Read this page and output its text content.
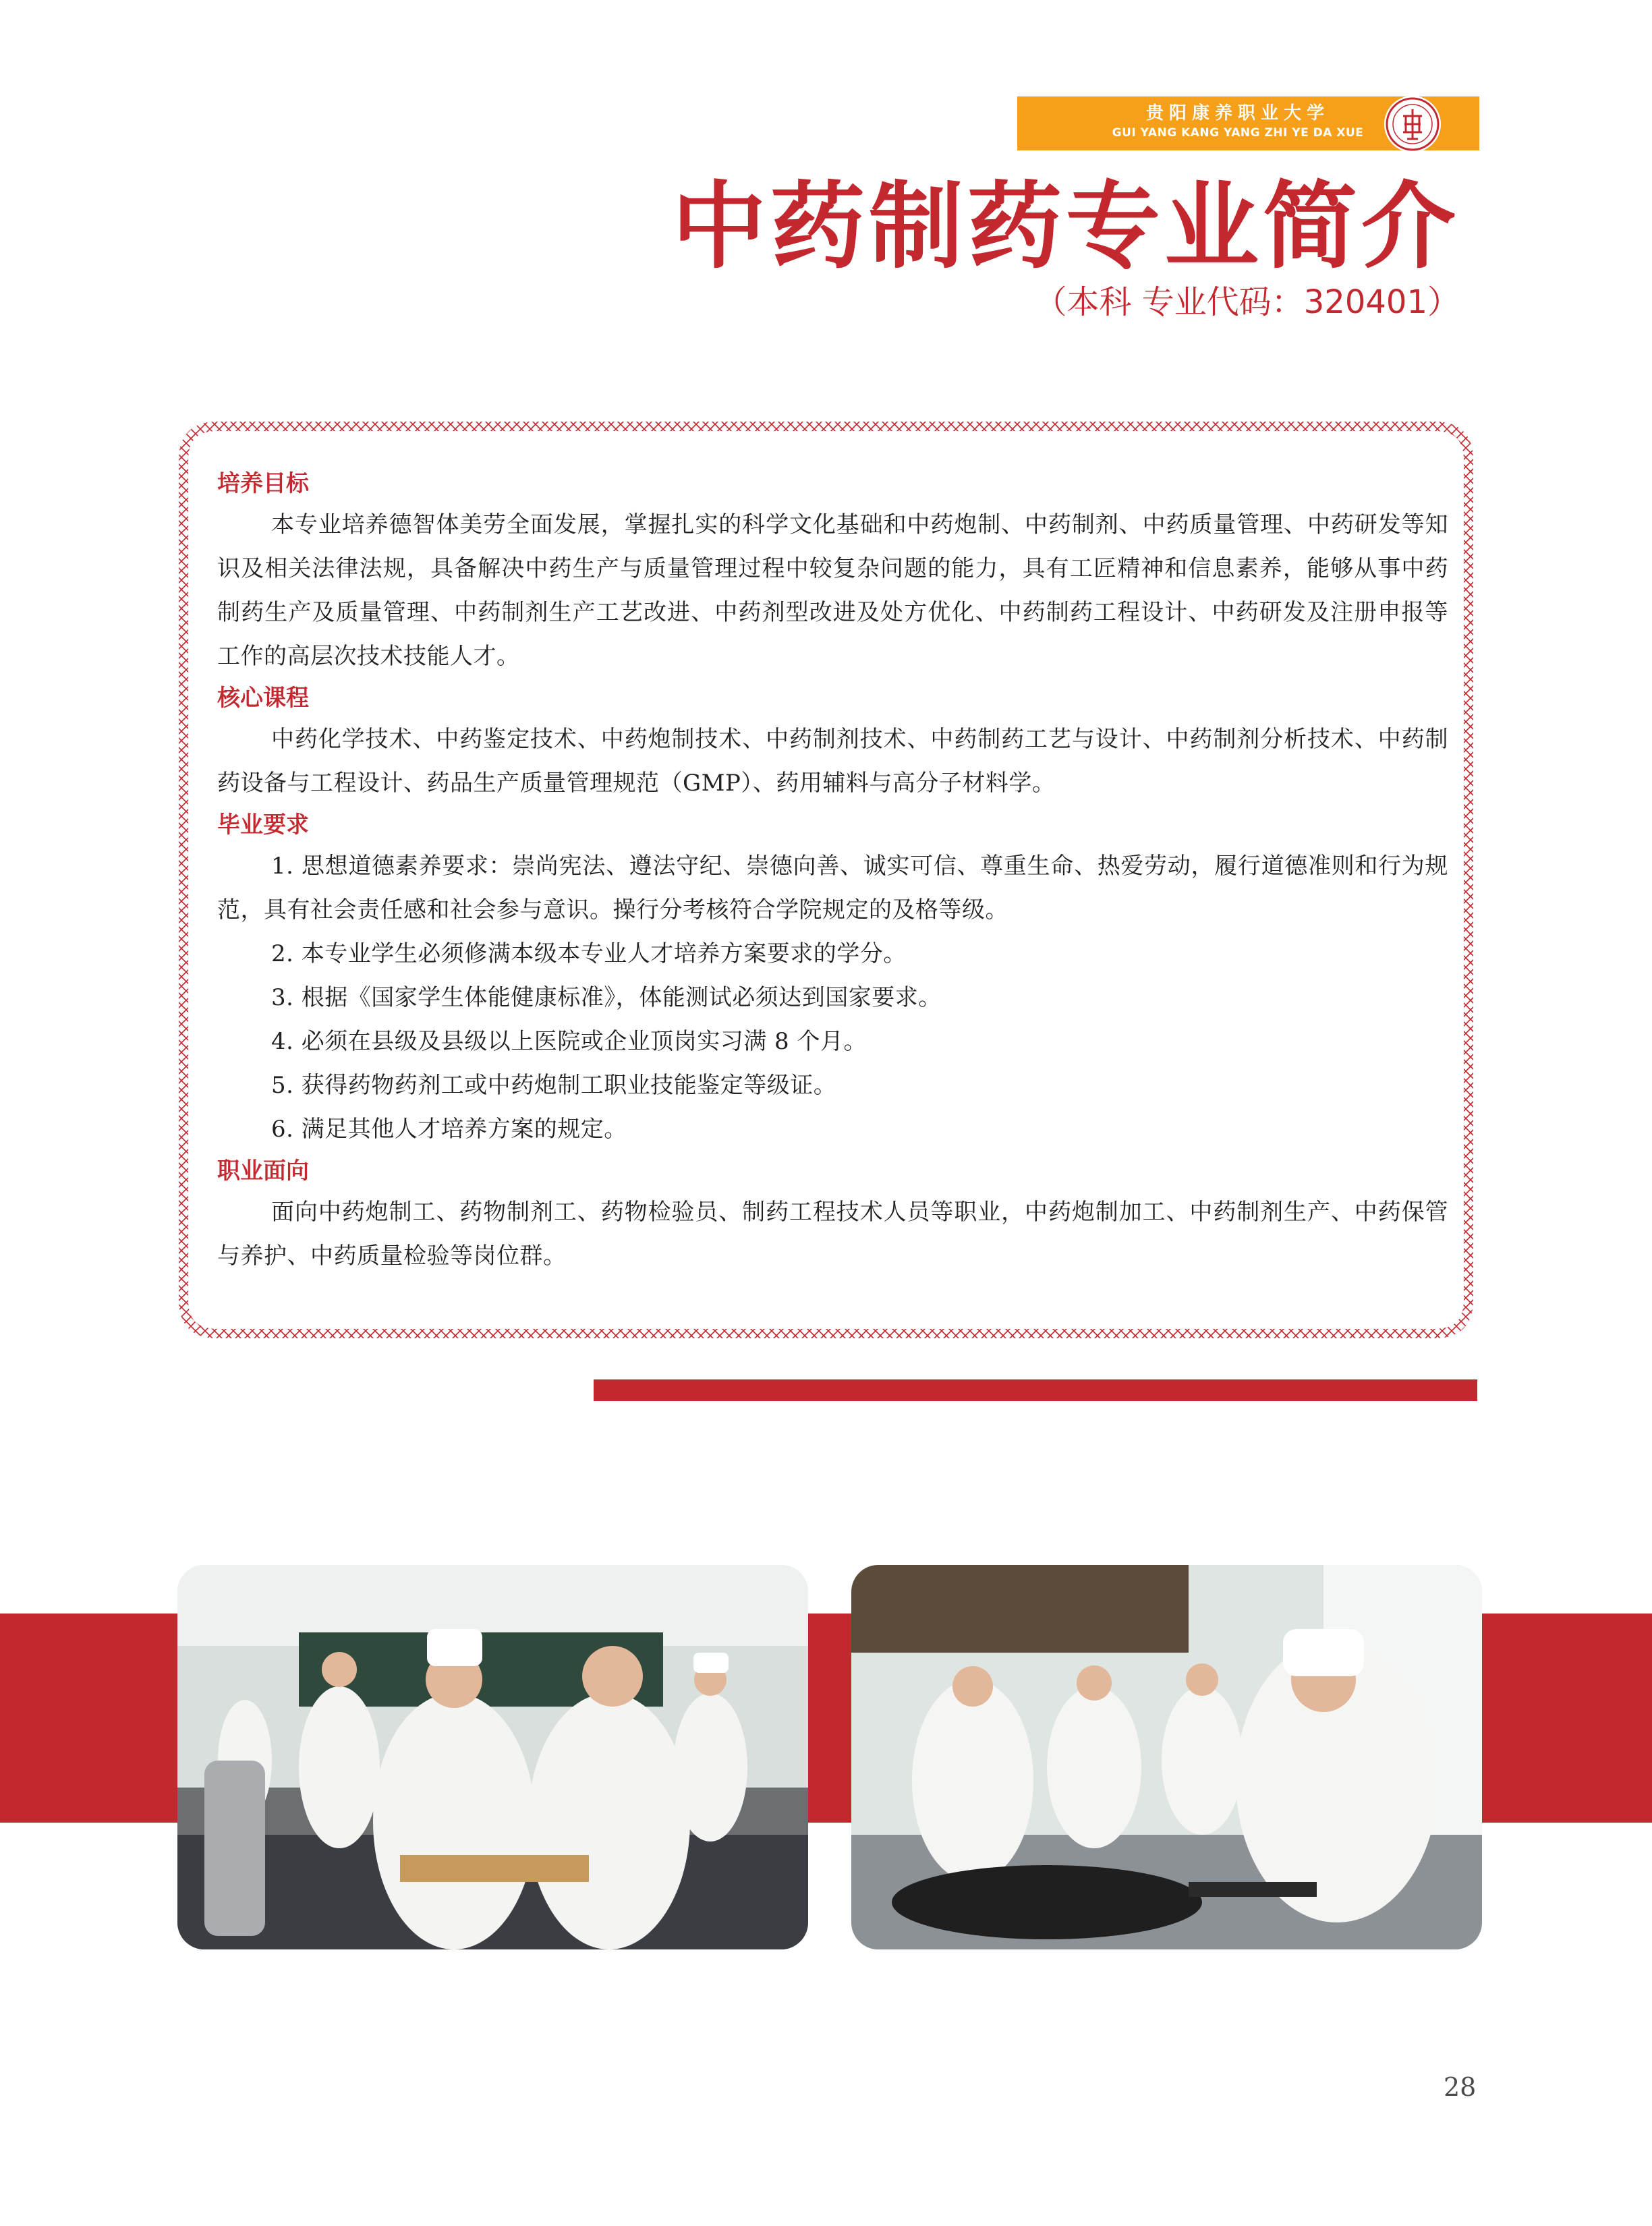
贵阳康养职业大学
GUI YANG KANG YANG ZHI YE DA XUE
中药制药专业简介
（本科 专业代码：320401）

培养目标

本专业培养德智体美劳全面发展，掌握扎实的科学文化基础和中药炮制、中药制剂、中药质量管理、中药研发等知识及相关法律法规，具备解决中药生产与质量管理过程中较复杂问题的能力，具有工匠精神和信息素养，能够从事中药制药生产及质量管理、中药制剂生产工艺改进、中药剂型改进及处方优化、中药制药工程设计、中药研发及注册申报等工作的高层次技术技能人才。

核心课程

中药化学技术、中药鉴定技术、中药炮制技术、中药制剂技术、中药制药工艺与设计、中药制剂分析技术、中药制药设备与工程设计、药品生产质量管理规范（GMP）、药用辅料与高分子材料学。

毕业要求

1. 思想道德素养要求：崇尚宪法、遵法守纪、崇德向善、诚实可信、尊重生命、热爱劳动，履行道德准则和行为规范，具有社会责任感和社会参与意识。操行分考核符合学院规定的及格等级。

2. 本专业学生必须修满本级本专业人才培养方案要求的学分。

3. 根据《国家学生体能健康标准》，体能测试必须达到国家要求。

4. 必须在县级及县级以上医院或企业顶岗实习满 8 个月。

5. 获得药物药剂工或中药炮制工职业技能鉴定等级证。

6. 满足其他人才培养方案的规定。

职业面向

面向中药炮制工、药物制剂工、药物检验员、制药工程技术人员等职业，中药炮制加工、中药制剂生产、中药保管与养护、中药质量检验等岗位群。

28
